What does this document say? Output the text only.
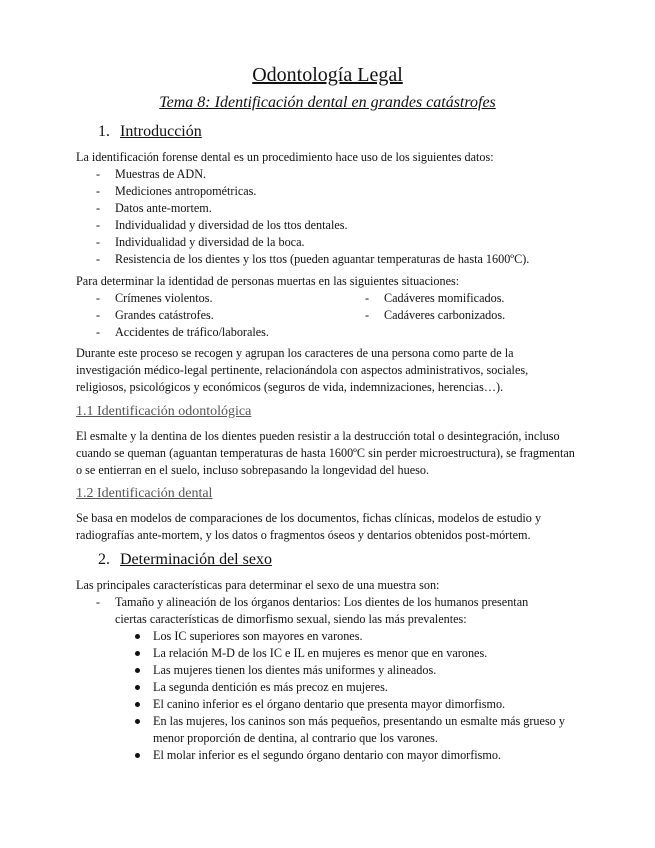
Odontología Legal
Tema 8: Identificación dental en grandes catástrofes
1. Introducción
La identificación forense dental es un procedimiento hace uso de los siguientes datos:
- Muestras de ADN.
- Mediciones antropométricas.
- Datos ante-mortem.
- Individualidad y diversidad de los ttos dentales.
- Individualidad y diversidad de la boca.
- Resistencia de los dientes y los ttos (pueden aguantar temperaturas de hasta 1600ºC).
Para determinar la identidad de personas muertas en las siguientes situaciones:
- Crímenes violentos.
- Grandes catástrofes.
- Accidentes de tráfico/laborales.
- Cadáveres momificados.
- Cadáveres carbonizados.
Durante este proceso se recogen y agrupan los caracteres de una persona como parte de la investigación médico-legal pertinente, relacionándola con aspectos administrativos, sociales, religiosos, psicológicos y económicos (seguros de vida, indemnizaciones, herencias…).
1.1 Identificación odontológica
El esmalte y la dentina de los dientes pueden resistir a la destrucción total o desintegración, incluso cuando se queman (aguantan temperaturas de hasta 1600ºC sin perder microestructura), se fragmentan o se entierran en el suelo, incluso sobrepasando la longevidad del hueso.
1.2 Identificación dental
Se basa en modelos de comparaciones de los documentos, fichas clínicas, modelos de estudio y radiografías ante-mortem, y los datos o fragmentos óseos y dentarios obtenidos post-mórtem.
2. Determinación del sexo
Las principales características para determinar el sexo de una muestra son:
- Tamaño y alineación de los órganos dentarios: Los dientes de los humanos presentan
ciertas características de dimorfismo sexual, siendo las más prevalentes:
Los IC superiores son mayores en varones.
La relación M-D de los IC e IL en mujeres es menor que en varones.
Las mujeres tienen los dientes más uniformes y alineados.
La segunda dentición es más precoz en mujeres.
El canino inferior es el órgano dentario que presenta mayor dimorfismo.
En las mujeres, los caninos son más pequeños, presentando un esmalte más grueso y menor proporción de dentina, al contrario que los varones.
El molar inferior es el segundo órgano dentario con mayor dimorfismo.
